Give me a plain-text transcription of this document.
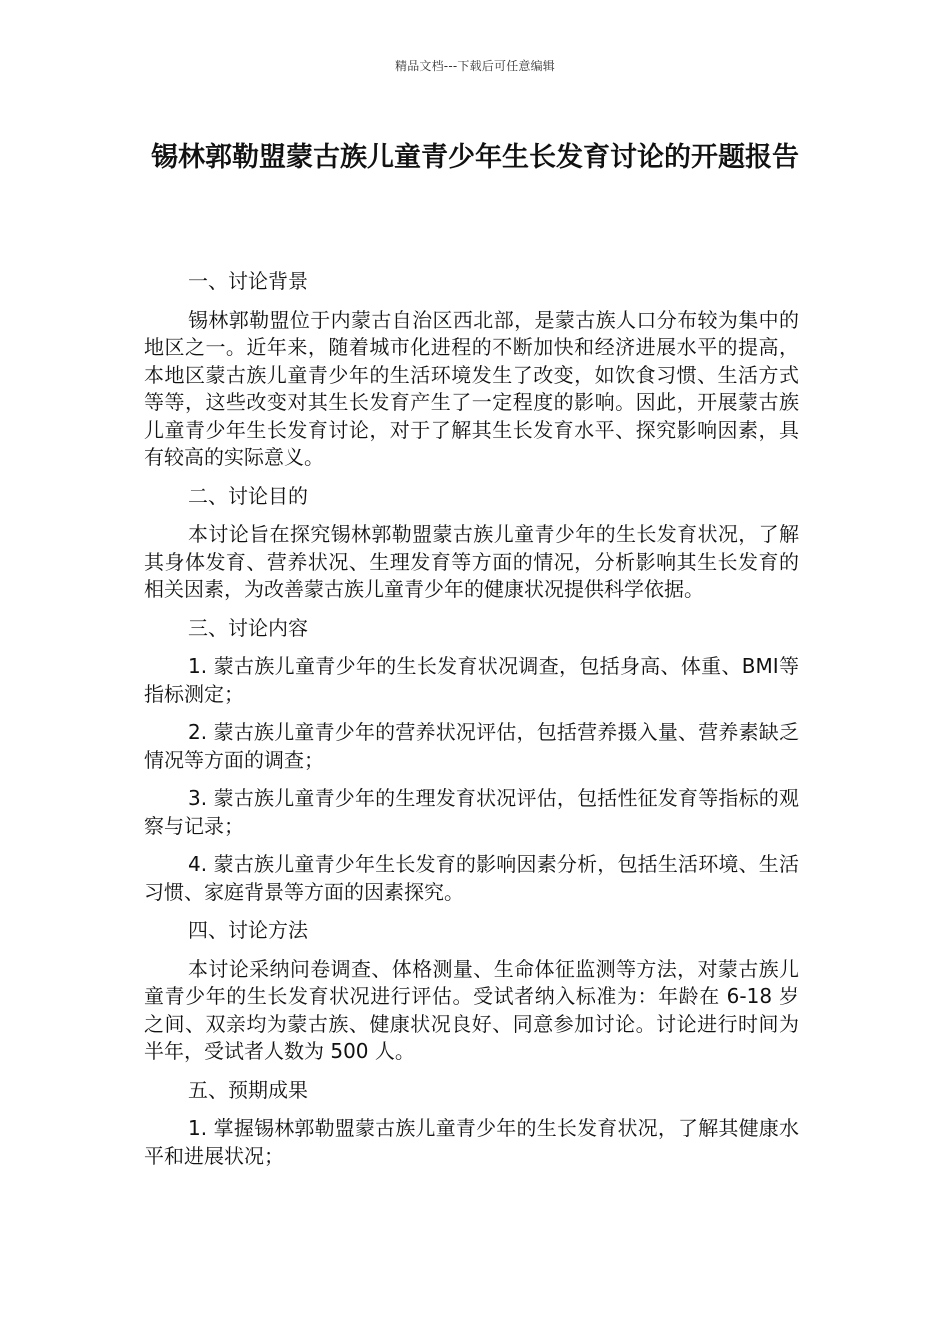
精品文档---下载后可任意编辑
锡林郭勒盟蒙古族儿童青少年生长发育讨论的开题报告

一、讨论背景

锡林郭勒盟位于内蒙古自治区西北部，是蒙古族人口分布较为集中的地区之一。近年来，随着城市化进程的不断加快和经济进展水平的提高，本地区蒙古族儿童青少年的生活环境发生了改变，如饮食习惯、生活方式等等，这些改变对其生长发育产生了一定程度的影响。因此，开展蒙古族儿童青少年生长发育讨论，对于了解其生长发育水平、探究影响因素，具有较高的实际意义。

二、讨论目的

本讨论旨在探究锡林郭勒盟蒙古族儿童青少年的生长发育状况，了解其身体发育、营养状况、生理发育等方面的情况，分析影响其生长发育的相关因素，为改善蒙古族儿童青少年的健康状况提供科学依据。

三、讨论内容

1. 蒙古族儿童青少年的生长发育状况调查，包括身高、体重、BMI等指标测定；

2. 蒙古族儿童青少年的营养状况评估，包括营养摄入量、营养素缺乏情况等方面的调查；

3. 蒙古族儿童青少年的生理发育状况评估，包括性征发育等指标的观察与记录；

4. 蒙古族儿童青少年生长发育的影响因素分析，包括生活环境、生活习惯、家庭背景等方面的因素探究。

四、讨论方法

本讨论采纳问卷调查、体格测量、生命体征监测等方法，对蒙古族儿童青少年的生长发育状况进行评估。受试者纳入标准为：年龄在 6-18 岁之间、双亲均为蒙古族、健康状况良好、同意参加讨论。讨论进行时间为半年，受试者人数为 500 人。

五、预期成果

1. 掌握锡林郭勒盟蒙古族儿童青少年的生长发育状况，了解其健康水平和进展状况；
